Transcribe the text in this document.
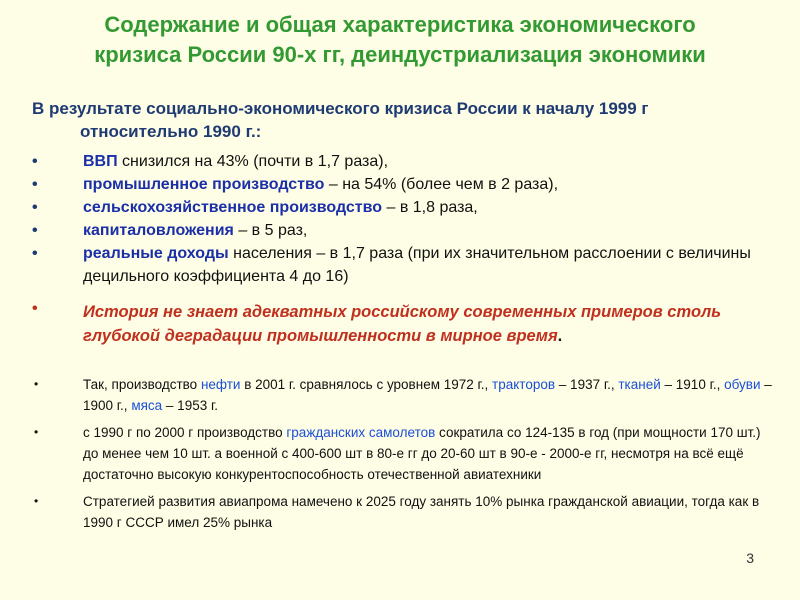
Содержание и общая характеристика экономического
кризиса России 90-х гг, деиндустриализация экономики
В результате социально-экономического кризиса России к началу 1999 г
относительно 1990 г.:
•	ВВП снизился на 43% (почти в 1,7 раза),
•	промышленное производство – на 54% (более чем в 2 раза),
•	сельскохозяйственное производство – в 1,8 раза,
•	капиталовложения – в 5 раз,
•	реальные доходы населения – в 1,7 раза (при их значительном расслоении с величины децильного коэффициента 4 до 16)
•	История не знает адекватных российскому современных примеров столь глубокой деградации промышленности в мирное время.
•	Так, производство нефти в 2001 г. сравнялось с уровнем 1972 г., тракторов – 1937 г., тканей – 1910 г., обуви – 1900 г., мяса – 1953 г.
•	с 1990 г по 2000 г производство гражданских самолетов сократила со 124-135 в год (при мощности 170 шт.) до менее чем 10 шт. а военной с 400-600 шт в 80-е гг до 20-60 шт в 90-е - 2000-е гг, несмотря на всё ещё достаточно высокую конкурентоспособность отечественной авиатехники
•	Стратегией развития авиапрома намечено к 2025 году занять 10% рынка гражданской авиации, тогда как в 1990 г СССР имел 25% рынка
3
